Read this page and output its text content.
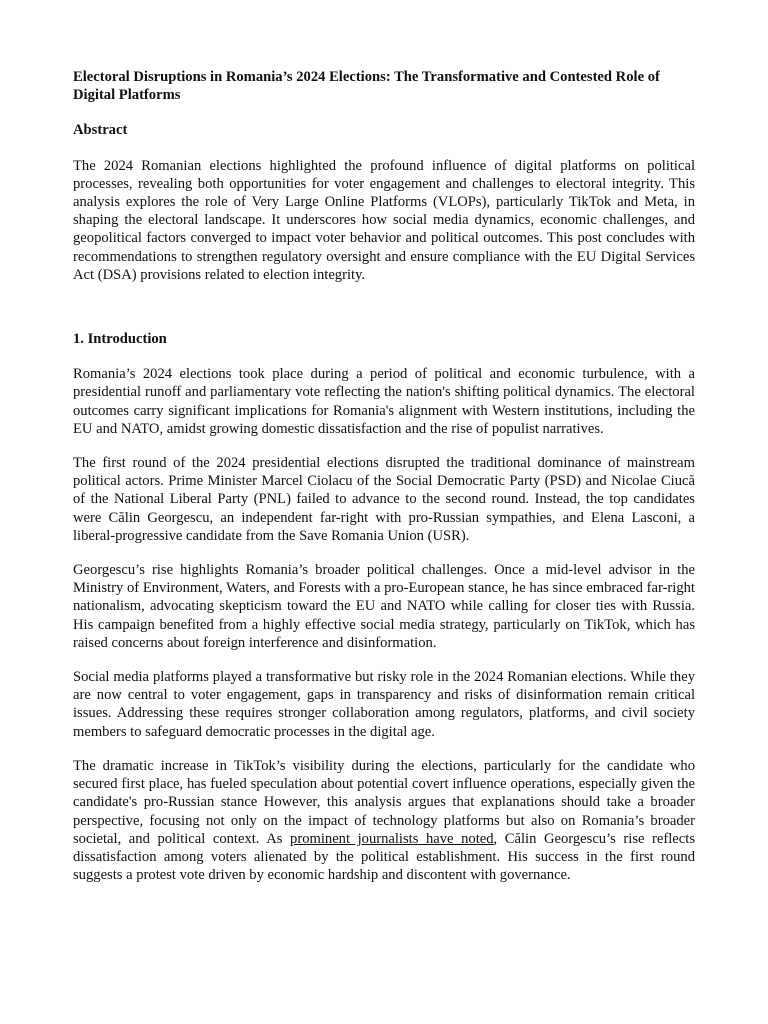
Electoral Disruptions in Romania’s 2024 Elections: The Transformative and Contested Role of Digital Platforms
Abstract

The 2024 Romanian elections highlighted the profound influence of digital platforms on political processes, revealing both opportunities for voter engagement and challenges to electoral integrity. This analysis explores the role of Very Large Online Platforms (VLOPs), particularly TikTok and Meta, in shaping the electoral landscape. It underscores how social media dynamics, economic challenges, and geopolitical factors converged to impact voter behavior and political outcomes. This post concludes with recommendations to strengthen regulatory oversight and ensure compliance with the EU Digital Services Act (DSA) provisions related to election integrity.

1. Introduction

Romania’s 2024 elections took place during a period of political and economic turbulence, with a presidential runoff and parliamentary vote reflecting the nation's shifting political dynamics. The electoral outcomes carry significant implications for Romania's alignment with Western institutions, including the EU and NATO, amidst growing domestic dissatisfaction and the rise of populist narratives.

The first round of the 2024 presidential elections disrupted the traditional dominance of mainstream political actors. Prime Minister Marcel Ciolacu of the Social Democratic Party (PSD) and Nicolae Ciucă of the National Liberal Party (PNL) failed to advance to the second round. Instead, the top candidates were Călin Georgescu, an independent far-right with pro-Russian sympathies, and Elena Lasconi, a liberal-progressive candidate from the Save Romania Union (USR).

Georgescu’s rise highlights Romania’s broader political challenges. Once a mid-level advisor in the Ministry of Environment, Waters, and Forests with a pro-European stance, he has since embraced far-right nationalism, advocating skepticism toward the EU and NATO while calling for closer ties with Russia. His campaign benefited from a highly effective social media strategy, particularly on TikTok, which has raised concerns about foreign interference and disinformation.

Social media platforms played a transformative but risky role in the 2024 Romanian elections. While they are now central to voter engagement, gaps in transparency and risks of disinformation remain critical issues. Addressing these requires stronger collaboration among regulators, platforms, and civil society members to safeguard democratic processes in the digital age.

The dramatic increase in TikTok’s visibility during the elections, particularly for the candidate who secured first place, has fueled speculation about potential covert influence operations, especially given the candidate's pro-Russian stance However, this analysis argues that explanations should take a broader perspective, focusing not only on the impact of technology platforms but also on Romania’s broader societal, and political context. As prominent journalists have noted, Călin Georgescu’s rise reflects dissatisfaction among voters alienated by the political establishment. His success in the first round suggests a protest vote driven by economic hardship and discontent with governance.
